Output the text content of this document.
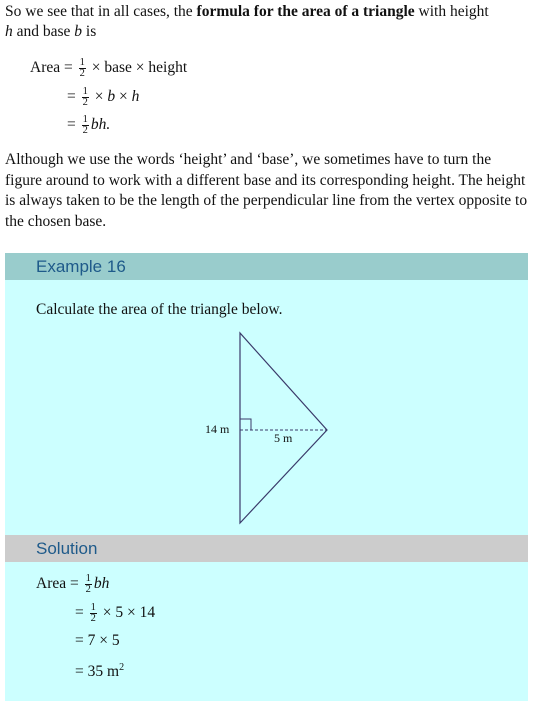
So we see that in all cases, the formula for the area of a triangle with height
h and base b is
Area = $\frac{1}{2}$ × base × height
= $\frac{1}{2} \times b \times h$
= $\frac{1}{2}$ bh.
Although we use the words ‘height’ and ‘base’, we sometimes have to turn the figure around to work with a different base and its corresponding height. The height is always taken to be the length of the perpendicular line from the vertex opposite to the chosen base.
Example 16
Calculate the area of the triangle below.
Solution
Area = $\frac{1}{2}$ bh
= $\frac{1}{2} \times 5 \times 14$
= 7 × 5
= 35 $m^2$
14 m
5 m
